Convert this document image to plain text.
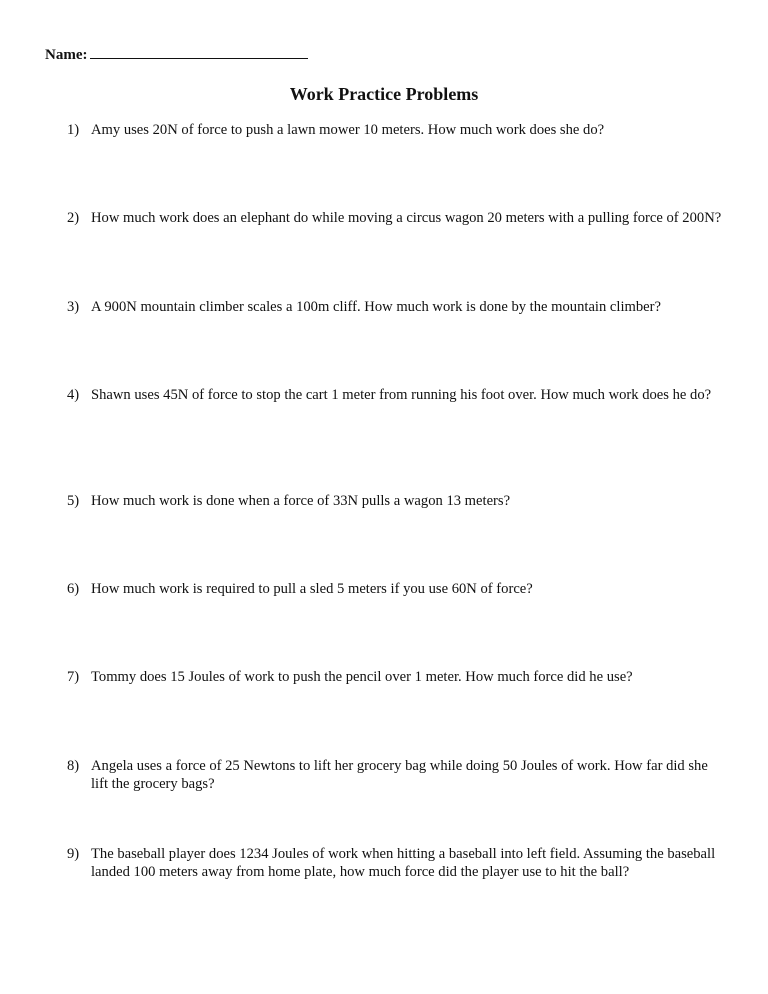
Name:
Work Practice Problems
1) Amy uses 20N of force to push a lawn mower 10 meters. How much work does she do?
2) How much work does an elephant do while moving a circus wagon 20 meters with a pulling force of 200N?
3) A 900N mountain climber scales a 100m cliff. How much work is done by the mountain climber?
4) Shawn uses 45N of force to stop the cart 1 meter from running his foot over. How much work does he do?
5) How much work is done when a force of 33N pulls a wagon 13 meters?
6) How much work is required to pull a sled 5 meters if you use 60N of force?
7) Tommy does 15 Joules of work to push the pencil over 1 meter. How much force did he use?
8) Angela uses a force of 25 Newtons to lift her grocery bag while doing 50 Joules of work. How far did she lift the grocery bags?
9) The baseball player does 1234 Joules of work when hitting a baseball into left field. Assuming the baseball landed 100 meters away from home plate, how much force did the player use to hit the ball?
